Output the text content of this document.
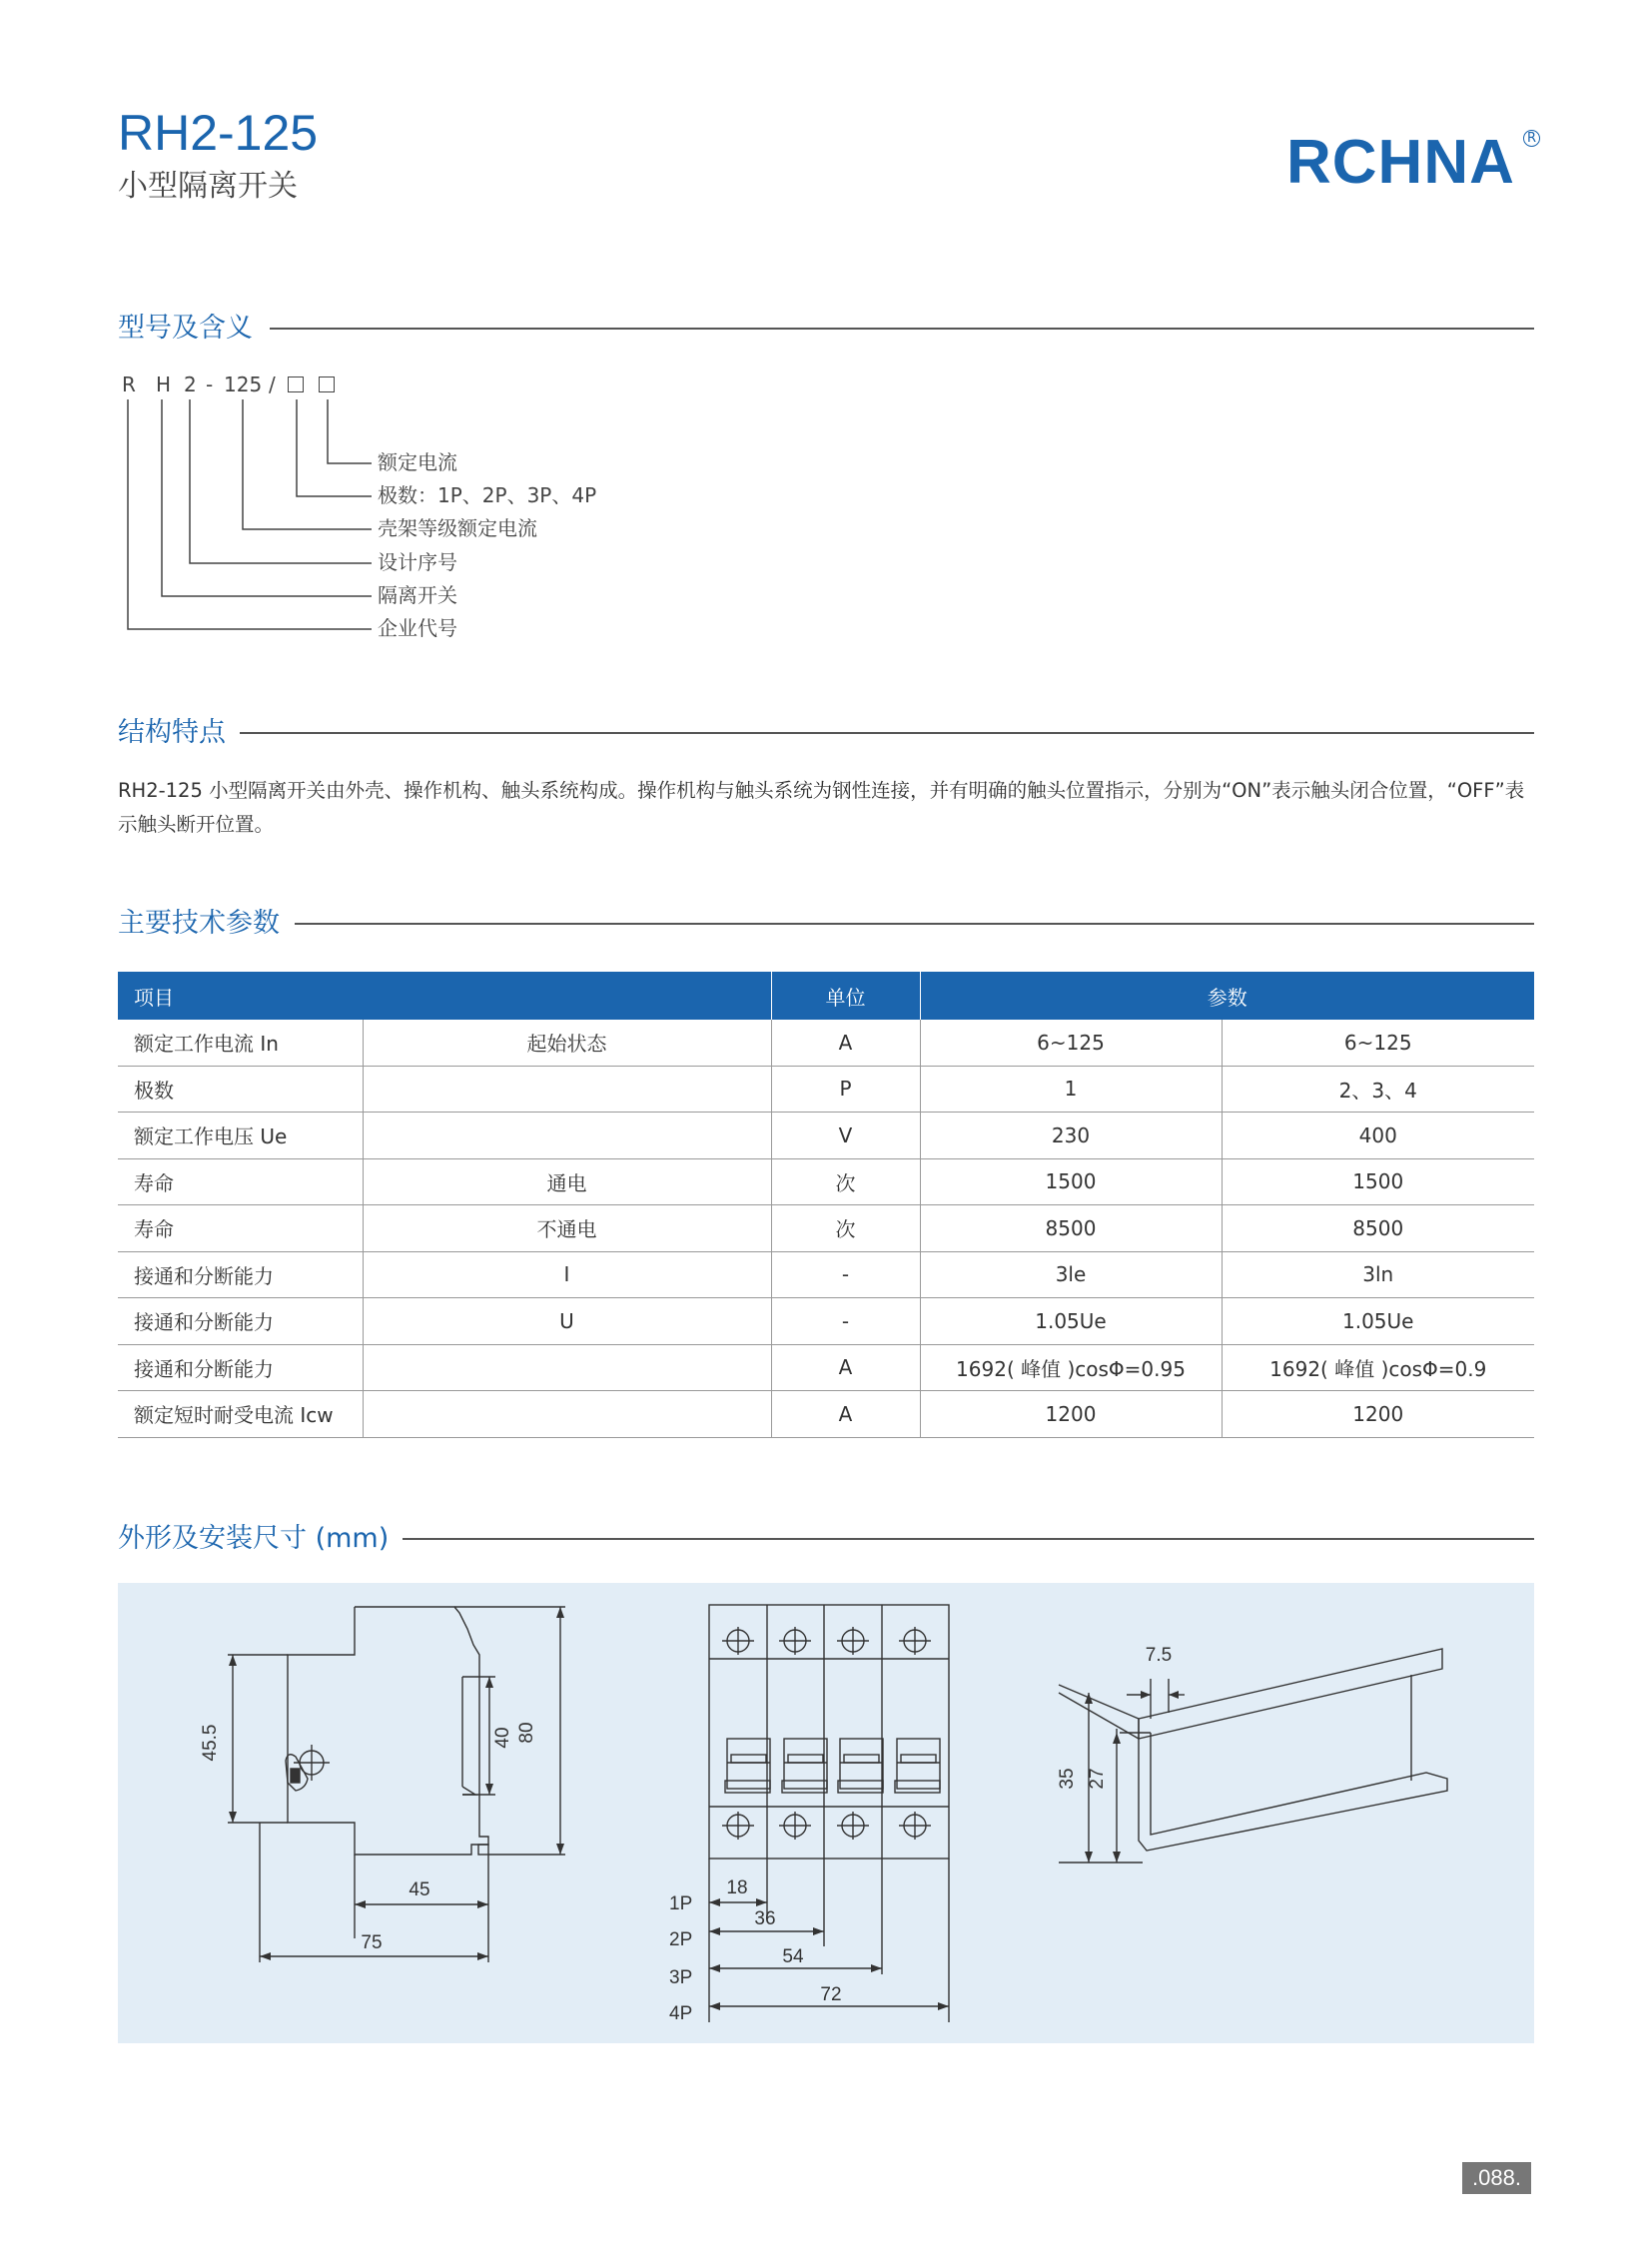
RH2-125
小型隔离开关	RCHNA R
型号及含义
R H 2 - 125 /
额定电流
极数：1P、2P、3P、4P
壳架等级额定电流
设计序号
隔离开关
企业代号
结构特点
RH2-125 小型隔离开关由外壳、操作机构、触头系统构成。操作机构与触头系统为钢性连接，并有明确的触头位置指示，分别为“ON”表示触头闭合位置，“OFF”表示触头断开位置。
主要技术参数
项目		单位	参数	
额定工作电流 In	起始状态	A	6~125	6~125
极数		P	1	2、3、4
额定工作电压 Ue		V	230	400
寿命	通电	次	1500	1500
寿命	不通电	次	8500	8500
接通和分断能力	I	-	3le	3ln
接通和分断能力	U	-	1.05Ue	1.05Ue
接通和分断能力		A	1692( 峰值 )cosΦ=0.95	1692( 峰值 )cosΦ=0.9
额定短时耐受电流 Icw		A	1200	1200
外形及安装尺寸 (mm)
45.5	40 80
45
75
18
36
54
72
1P
2P
3P
4P
7.5
35 27
.088.
